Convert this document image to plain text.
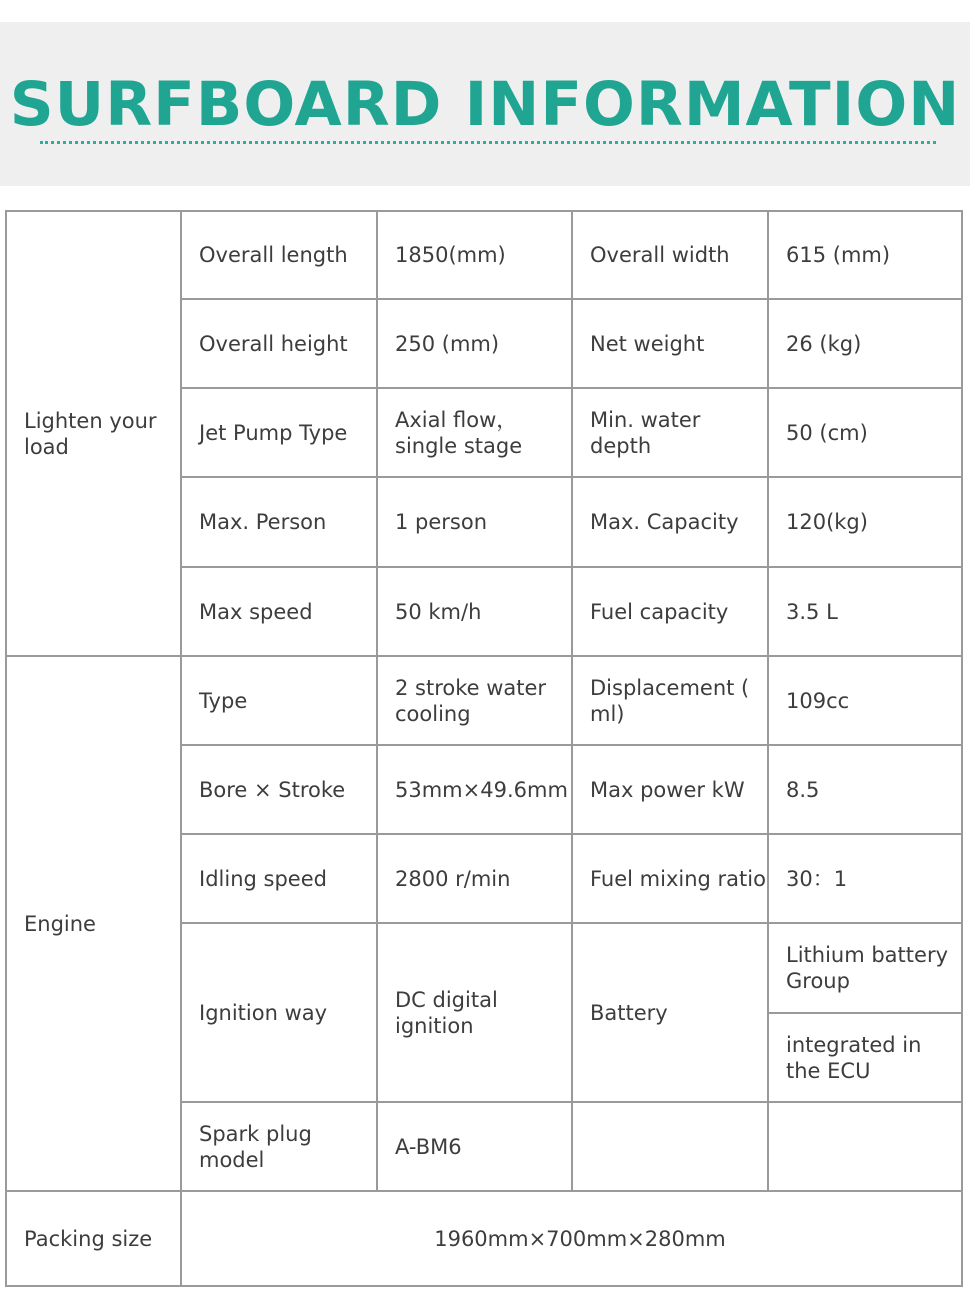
SURFBOARD INFORMATION
Lighten your load	Overall length	1850(mm)	Overall width	615 (mm)
	Overall height	250 (mm)	Net weight	26 (kg)
	Jet Pump Type	Axial flow，single stage	Min. water depth	50 (cm)
	Max. Person	1 person	Max. Capacity	120(kg)
	Max speed	50 km/h	Fuel capacity	3.5 L
Engine	Type	2 stroke water cooling	Displacement ( ml)	109cc
	Bore × Stroke	53mm×49.6mm	Max power kW	8.5
	Idling speed	2800 r/min	Fuel mixing ratio	30：1
	Ignition way	DC digital ignition	Battery	Lithium battery Group
				integrated in the ECU
	Spark plug model	A-BM6		
Packing size	1960mm×700mm×280mm			
